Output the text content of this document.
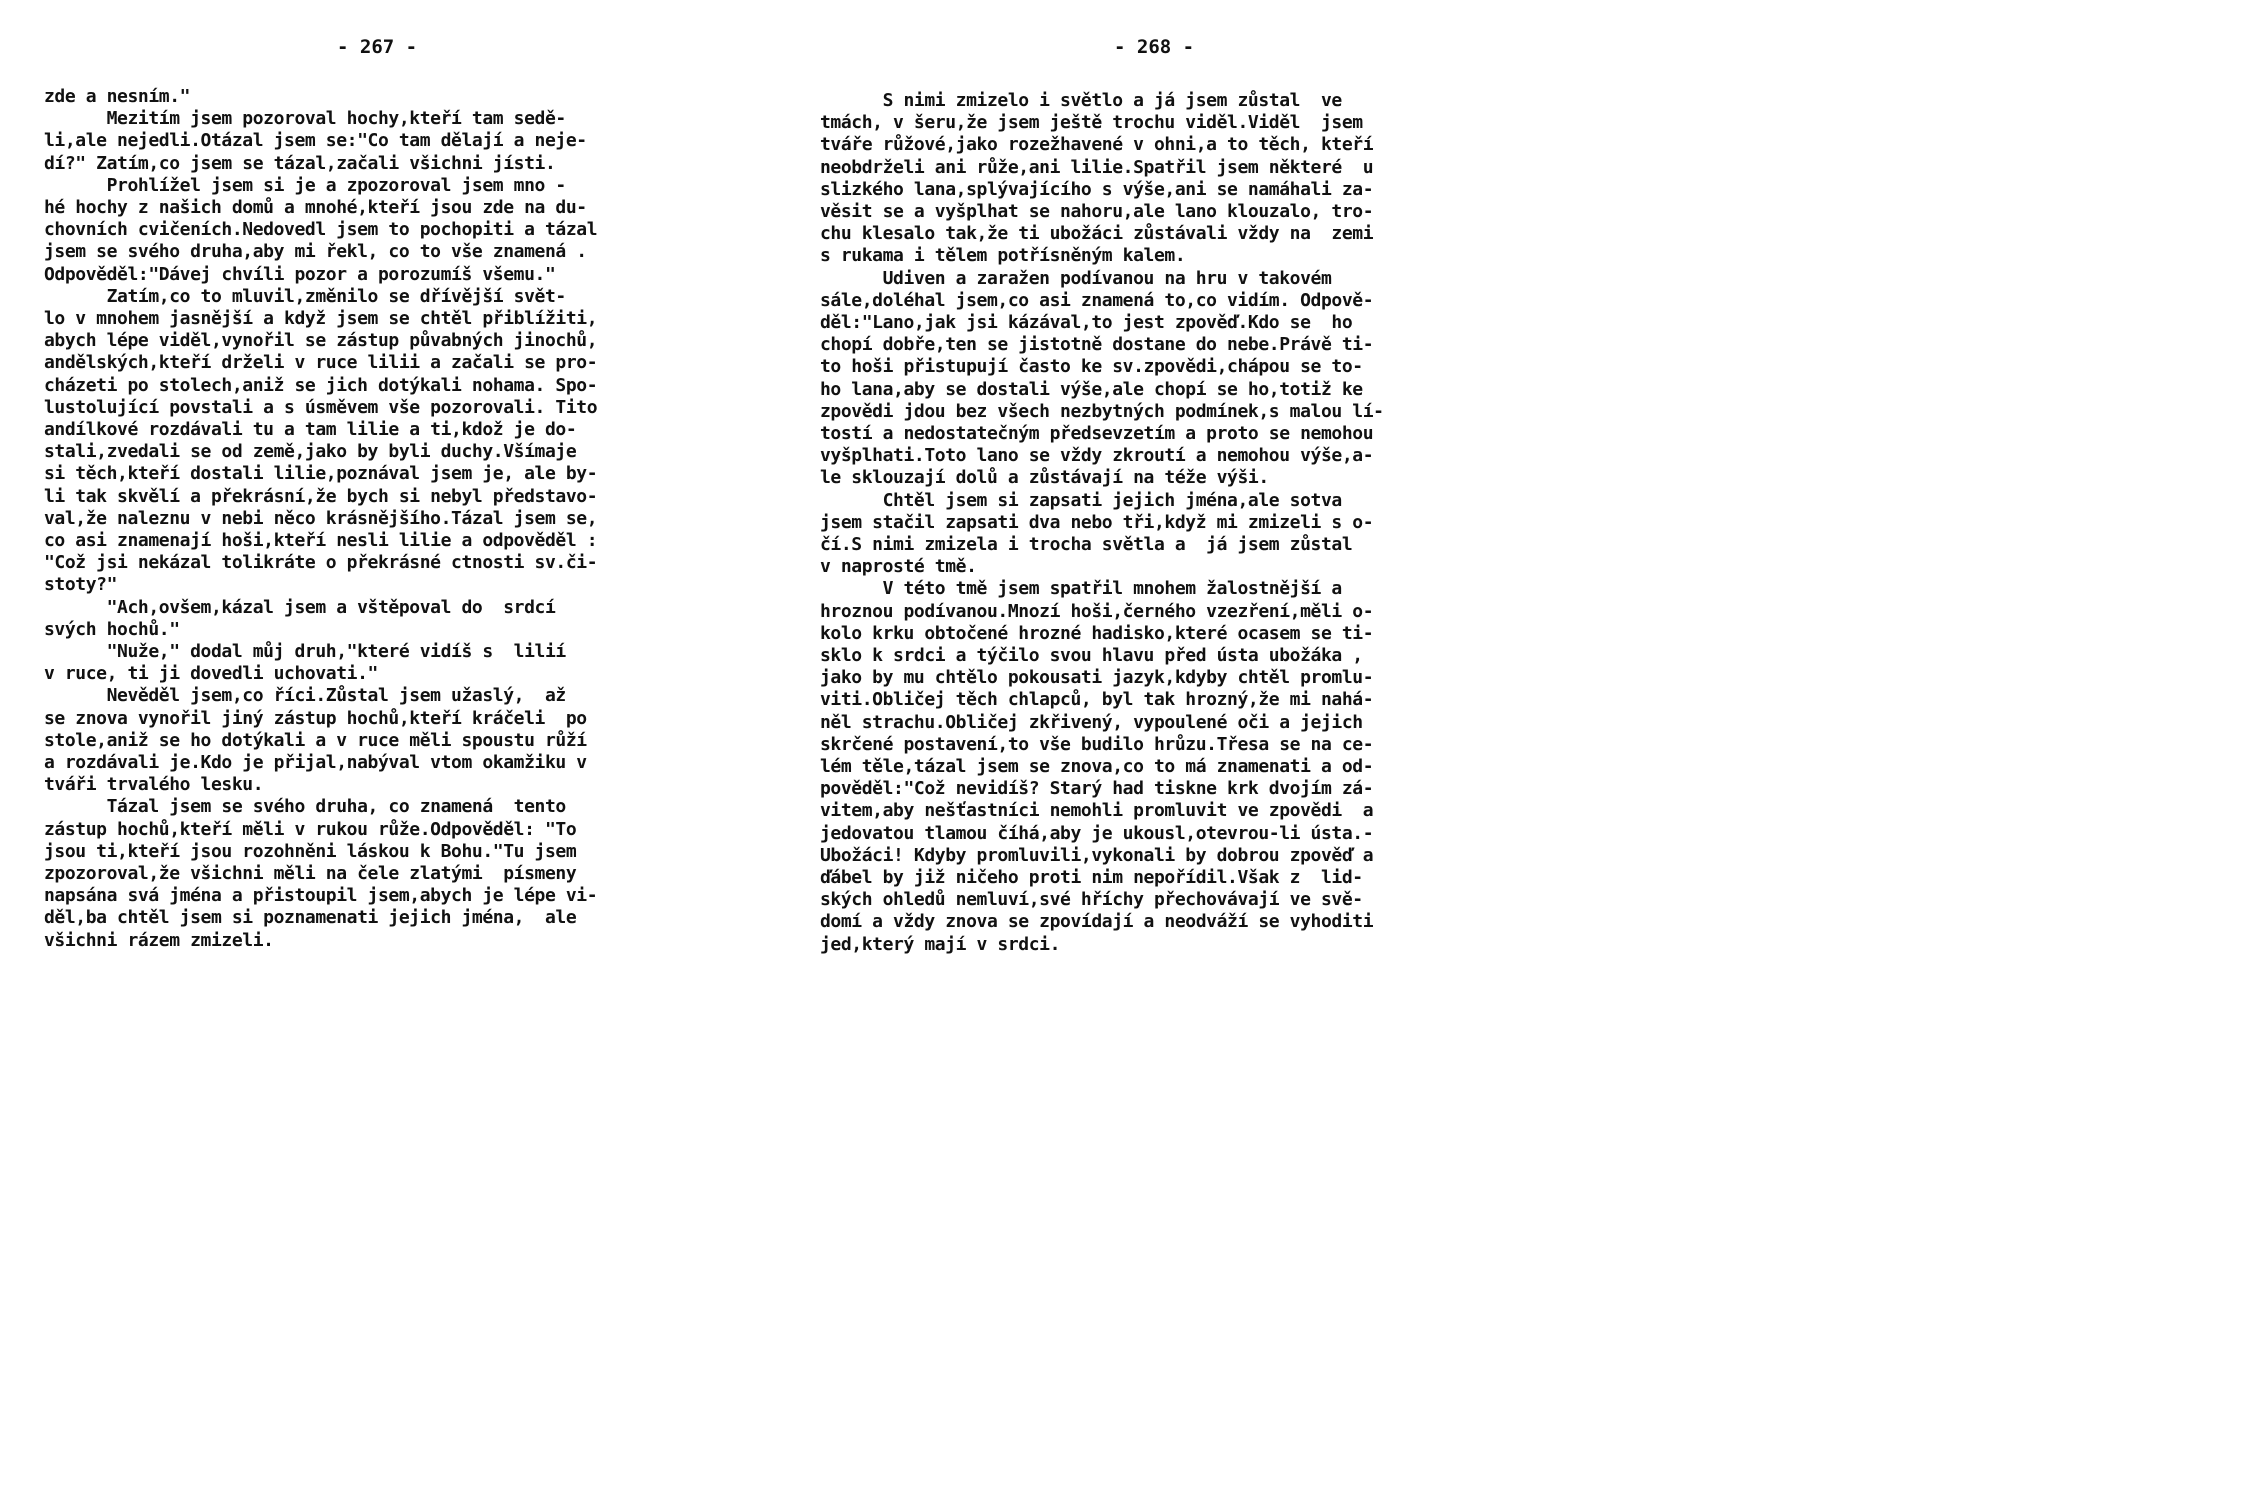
- 267 -	- 268 -
zde a nesním."
Mezitím jsem pozoroval hochy,kteří tam sedě-
li,ale nejedli.Otázal jsem se:"Co tam dělají a neje-
dí?" Zatím,co jsem se tázal,začali všichni jísti.
Prohlížel jsem si je a zpozoroval jsem mno -
hé hochy z našich domů a mnohé,kteří jsou zde na du-
chovních cvičeních.Nedovedl jsem to pochopiti a tázal
jsem se svého druha,aby mi řekl, co to vše znamená .
Odpověděl:"Dávej chvíli pozor a porozumíš všemu."
Zatím,co to mluvil,změnilo se dřívější svět-
lo v mnohem jasnější a když jsem se chtěl přiblížiti,
abych lépe viděl,vynořil se zástup půvabných jinochů,
andělských,kteří drželi v ruce lilii a začali se pro-
cházeti po stolech,aniž se jich dotýkali nohama. Spo-
lustolující povstali a s úsměvem vše pozorovali. Tito
andílkové rozdávali tu a tam lilie a ti,kdož je do-
stali,zvedali se od země,jako by byli duchy.Všímaje
si těch,kteří dostali lilie,poznával jsem je, ale by-
li tak skvělí a překrásní,že bych si nebyl představo-
val,že naleznu v nebi něco krásnějšího.Tázal jsem se,
co asi znamenají hoši,kteří nesli lilie a odpověděl :
"Což jsi nekázal tolikráte o překrásné ctnosti sv.či-
stoty?"
"Ach,ovšem,kázal jsem a vštěpoval do  srdcí
svých hochů."
"Nuže," dodal můj druh,"které vidíš s  lilií
v ruce, ti ji dovedli uchovati."
Nevěděl jsem,co říci.Zůstal jsem užaslý,  až
se znova vynořil jiný zástup hochů,kteří kráčeli  po
stole,aniž se ho dotýkali a v ruce měli spoustu růží
a rozdávali je.Kdo je přijal,nabýval vtom okamžiku v
tváři trvalého lesku.
Tázal jsem se svého druha, co znamená  tento
zástup hochů,kteří měli v rukou růže.Odpověděl: "To
jsou ti,kteří jsou rozohněni láskou k Bohu."Tu jsem
zpozoroval,že všichni měli na čele zlatými  písmeny
napsána svá jména a přistoupil jsem,abych je lépe vi-
děl,ba chtěl jsem si poznamenati jejich jména,  ale
všichni rázem zmizeli.
S nimi zmizelo i světlo a já jsem zůstal  ve
tmách, v šeru,že jsem ještě trochu viděl.Viděl  jsem
tváře růžové,jako rozežhavené v ohni,a to těch, kteří
neobdrželi ani růže,ani lilie.Spatřil jsem některé  u
slizkého lana,splývajícího s výše,ani se namáhali za-
věsit se a vyšplhat se nahoru,ale lano klouzalo, tro-
chu klesalo tak,že ti ubožáci zůstávali vždy na  zemi
s rukama i tělem potřísněným kalem.
Udiven a zaražen podívanou na hru v takovém
sále,doléhal jsem,co asi znamená to,co vidím. Odpově-
děl:"Lano,jak jsi kázával,to jest zpověď.Kdo se  ho
chopí dobře,ten se jistotně dostane do nebe.Právě ti-
to hoši přistupují často ke sv.zpovědi,chápou se to-
ho lana,aby se dostali výše,ale chopí se ho,totiž ke
zpovědi jdou bez všech nezbytných podmínek,s malou lí-
tostí a nedostatečným předsevzetím a proto se nemohou
vyšplhati.Toto lano se vždy zkroutí a nemohou výše,a-
le sklouzají dolů a zůstávají na téže výši.
Chtěl jsem si zapsati jejich jména,ale sotva
jsem stačil zapsati dva nebo tři,když mi zmizeli s o-
čí.S nimi zmizela i trocha světla a  já jsem zůstal
v naprosté tmě.
V této tmě jsem spatřil mnohem žalostnější a
hroznou podívanou.Mnozí hoši,černého vzezření,měli o-
kolo krku obtočené hrozné hadisko,které ocasem se ti-
sklo k srdci a týčilo svou hlavu před ústa ubožáka ,
jako by mu chtělo pokousati jazyk,kdyby chtěl promlu-
viti.Obličej těch chlapců, byl tak hrozný,že mi nahá-
něl strachu.Obličej zkřivený, vypoulené oči a jejich
skrčené postavení,to vše budilo hrůzu.Třesa se na ce-
lém těle,tázal jsem se znova,co to má znamenati a od-
pověděl:"Což nevidíš? Starý had tiskne krk dvojím zá-
vitem,aby nešťastníci nemohli promluvit ve zpovědi  a
jedovatou tlamou číhá,aby je ukousl,otevrou-li ústa.-
Ubožáci! Kdyby promluvili,vykonali by dobrou zpověď a
ďábel by již ničeho proti nim nepořídil.Však z  lid-
ských ohledů nemluví,své hříchy přechovávají ve svě-
domí a vždy znova se zpovídají a neodváží se vyhoditi
jed,který mají v srdci.
